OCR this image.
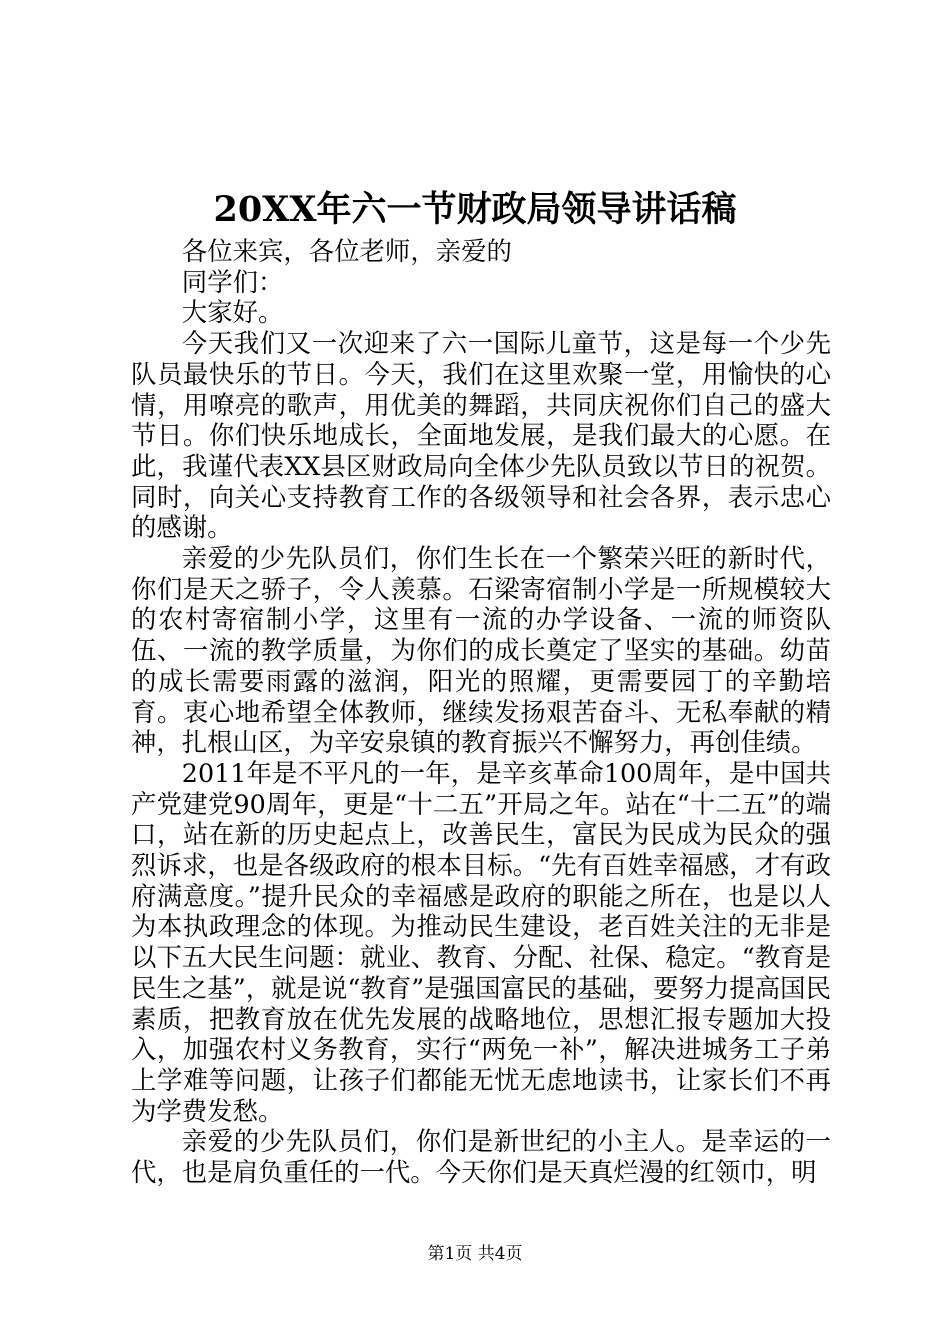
20XX年六一节财政局领导讲话稿

各位来宾，各位老师，亲爱的

同学们：

大家好。

今天我们又一次迎来了六一国际儿童节，这是每一个少先队员最快乐的节日。今天，我们在这里欢聚一堂，用愉快的心情，用嘹亮的歌声，用优美的舞蹈，共同庆祝你们自己的盛大节日。你们快乐地成长，全面地发展，是我们最大的心愿。在此，我谨代表XX县区财政局向全体少先队员致以节日的祝贺。同时，向关心支持教育工作的各级领导和社会各界，表示忠心的感谢。

亲爱的少先队员们，你们生长在一个繁荣兴旺的新时代，你们是天之骄子，令人羡慕。石梁寄宿制小学是一所规模较大的农村寄宿制小学，这里有一流的办学设备、一流的师资队伍、一流的教学质量，为你们的成长奠定了坚实的基础。幼苗的成长需要雨露的滋润，阳光的照耀，更需要园丁的辛勤培育。衷心地希望全体教师，继续发扬艰苦奋斗、无私奉献的精神，扎根山区，为辛安泉镇的教育振兴不懈努力，再创佳绩。

2011年是不平凡的一年，是辛亥革命100周年，是中国共产党建党90周年，更是“十二五”开局之年。站在“十二五”的端口，站在新的历史起点上，改善民生，富民为民成为民众的强烈诉求，也是各级政府的根本目标。“先有百姓幸福感，才有政府满意度。”提升民众的幸福感是政府的职能之所在，也是以人为本执政理念的体现。为推动民生建设，老百姓关注的无非是以下五大民生问题：就业、教育、分配、社保、稳定。“教育是民生之基”，就是说“教育”是强国富民的基础，要努力提高国民素质，把教育放在优先发展的战略地位，思想汇报专题加大投入，加强农村义务教育，实行“两免一补”，解决进城务工子弟上学难等问题，让孩子们都能无忧无虑地读书，让家长们不再为学费发愁。

亲爱的少先队员们，你们是新世纪的小主人。是幸运的一代，也是肩负重任的一代。今天你们是天真烂漫的红领巾，明

第1页 共4页
